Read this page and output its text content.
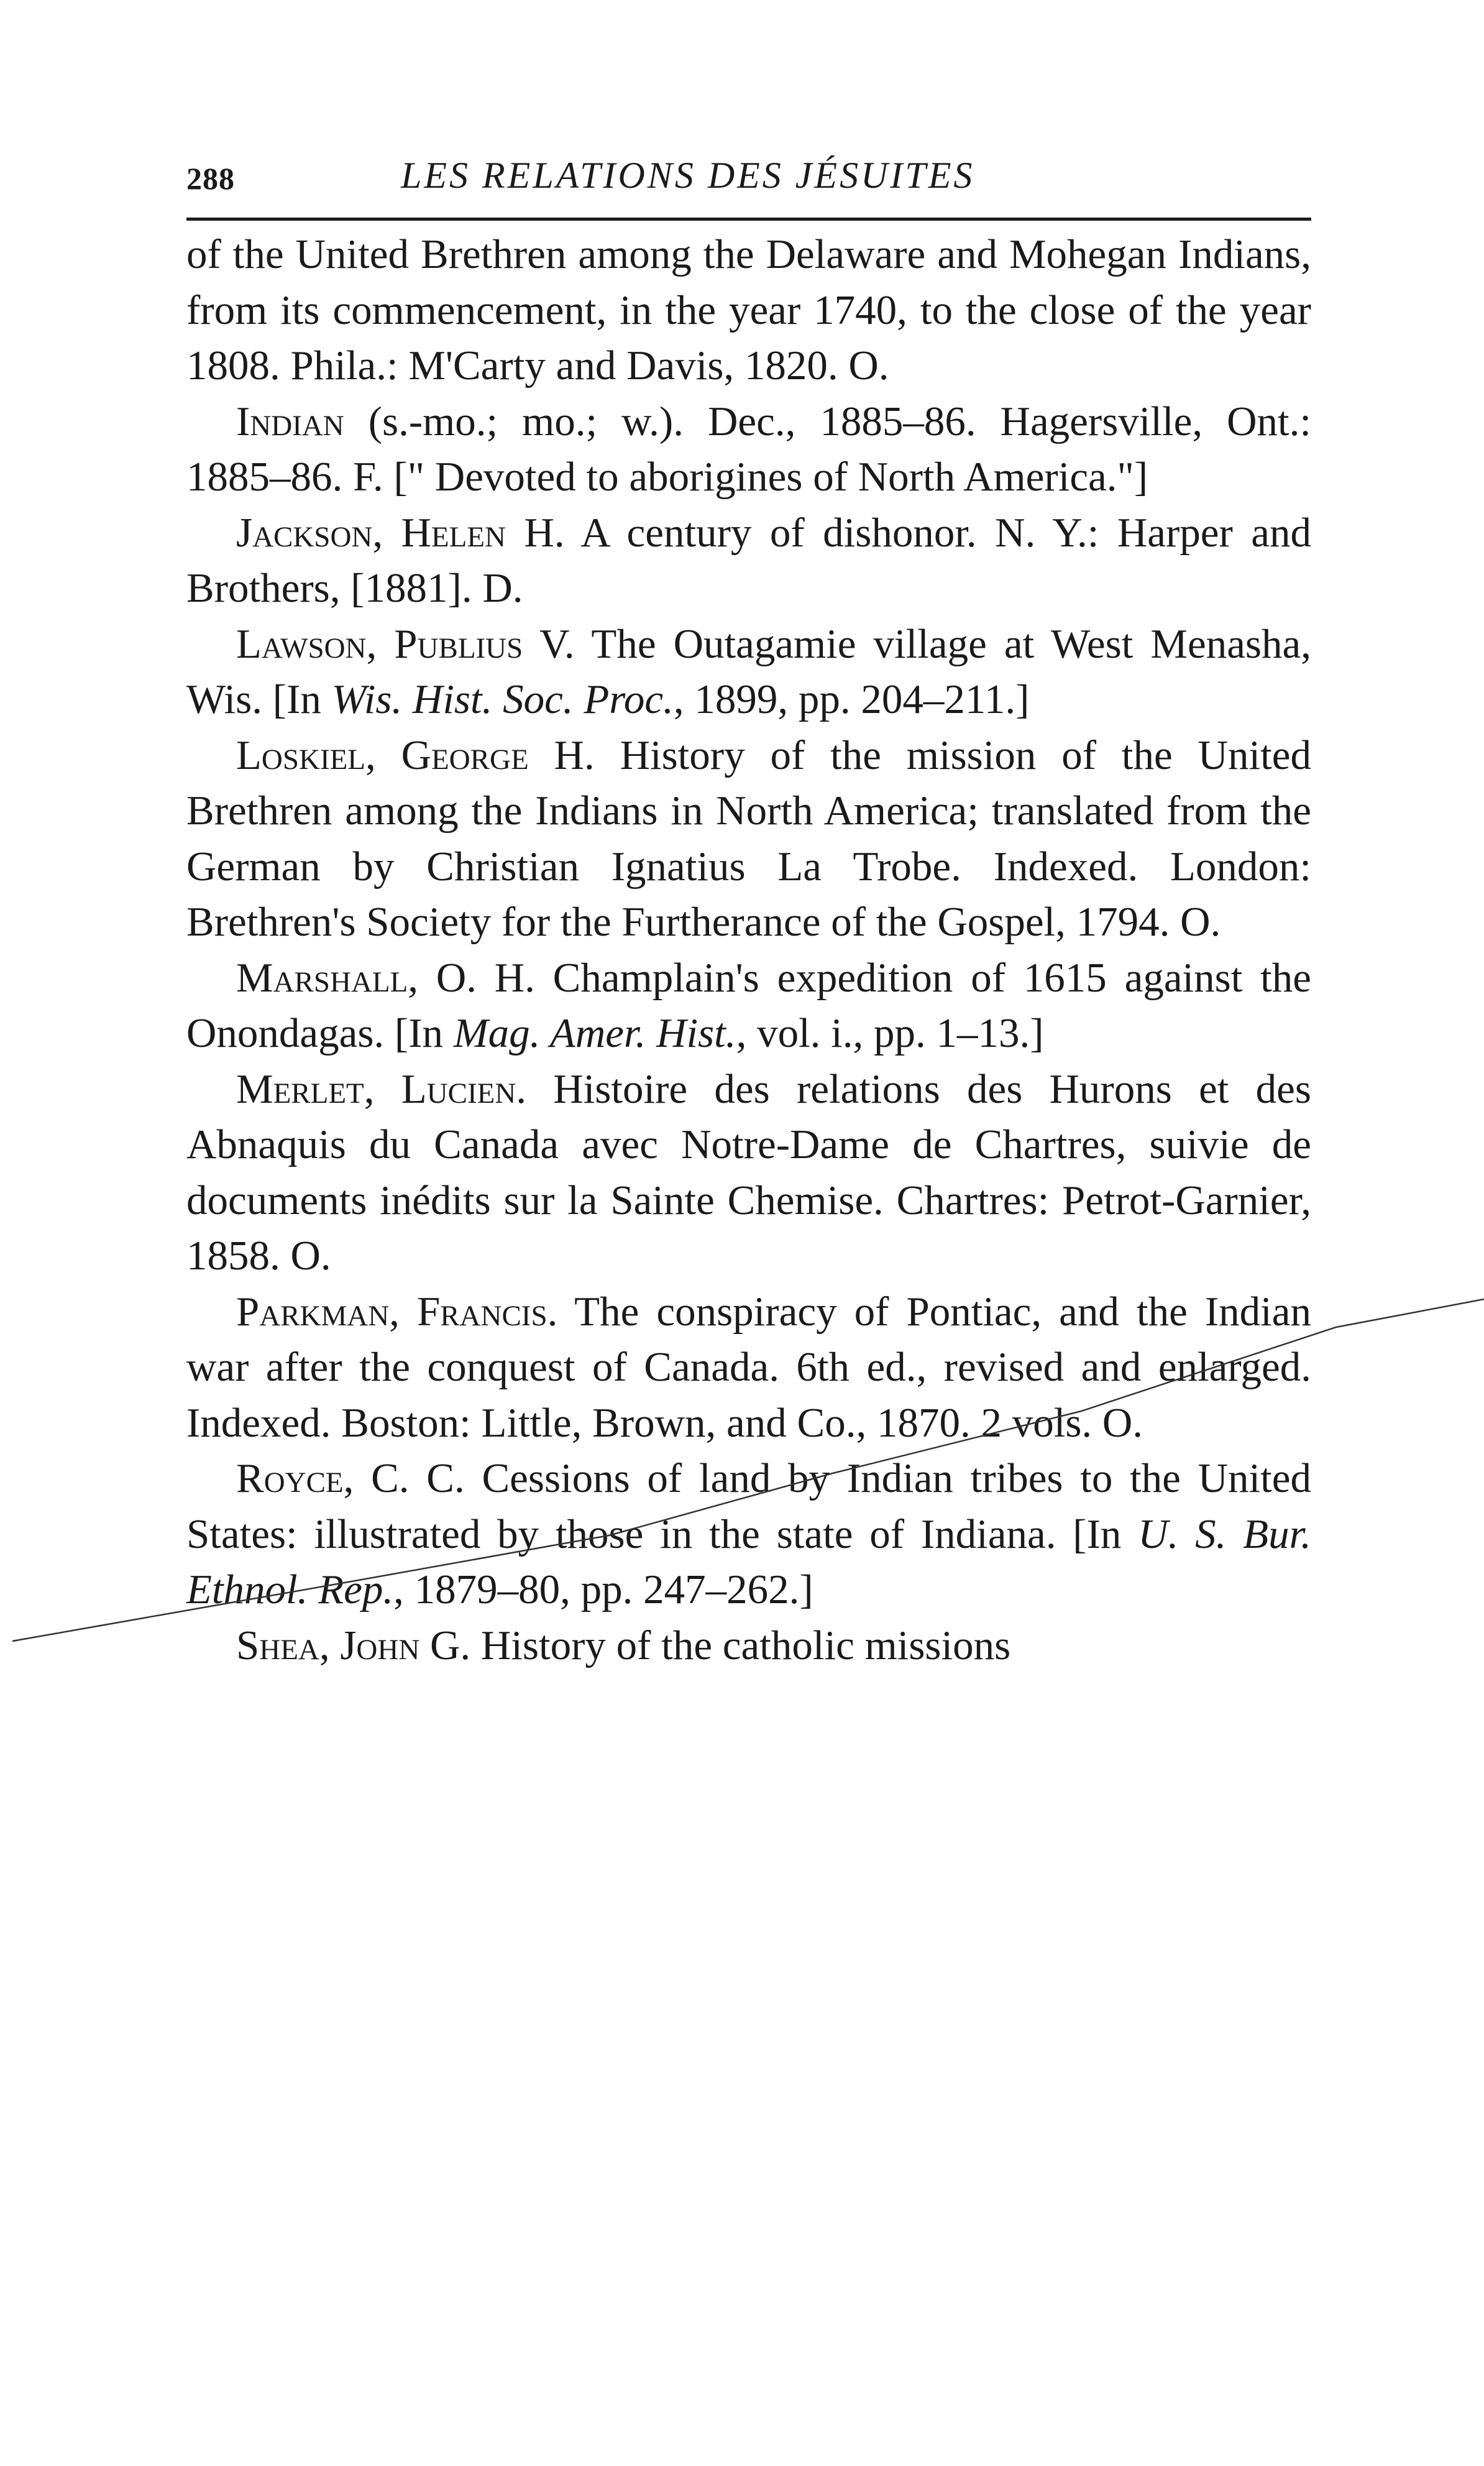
288	LES RELATIONS DES JÉSUITES

of the United Brethren among the Delaware and Mohegan Indians, from its commencement, in the year 1740, to the close of the year 1808. Phila.: M'Carty and Davis, 1820. O.

Indian (s.-mo.; mo.; w.). Dec., 1885–86. Hagersville, Ont.: 1885–86. F. [" Devoted to aborigines of North America."]

Jackson, Helen H. A century of dishonor. N. Y.: Harper and Brothers, [1881]. D.

Lawson, Publius V. The Outagamie village at West Menasha, Wis. [In Wis. Hist. Soc. Proc., 1899, pp. 204–211.]

Loskiel, George H. History of the mission of the United Brethren among the Indians in North America; translated from the German by Christian Ignatius La Trobe. Indexed. London: Brethren's Society for the Furtherance of the Gospel, 1794. O.

Marshall, O. H. Champlain's expedition of 1615 against the Onondagas. [In Mag. Amer. Hist., vol. i., pp. 1–13.]

Merlet, Lucien. Histoire des relations des Hurons et des Abnaquis du Canada avec Notre-Dame de Chartres, suivie de documents inédits sur la Sainte Chemise. Chartres: Petrot-Garnier, 1858. O.

Parkman, Francis. The conspiracy of Pontiac, and the Indian war after the conquest of Canada. 6th ed., revised and enlarged. Indexed. Boston: Little, Brown, and Co., 1870. 2 vols. O.

Royce, C. C. Cessions of land by Indian tribes to the United States: illustrated by those in the state of Indiana. [In U. S. Bur. Ethnol. Rep., 1879–80, pp. 247–262.]

Shea, John G. History of the catholic missions
